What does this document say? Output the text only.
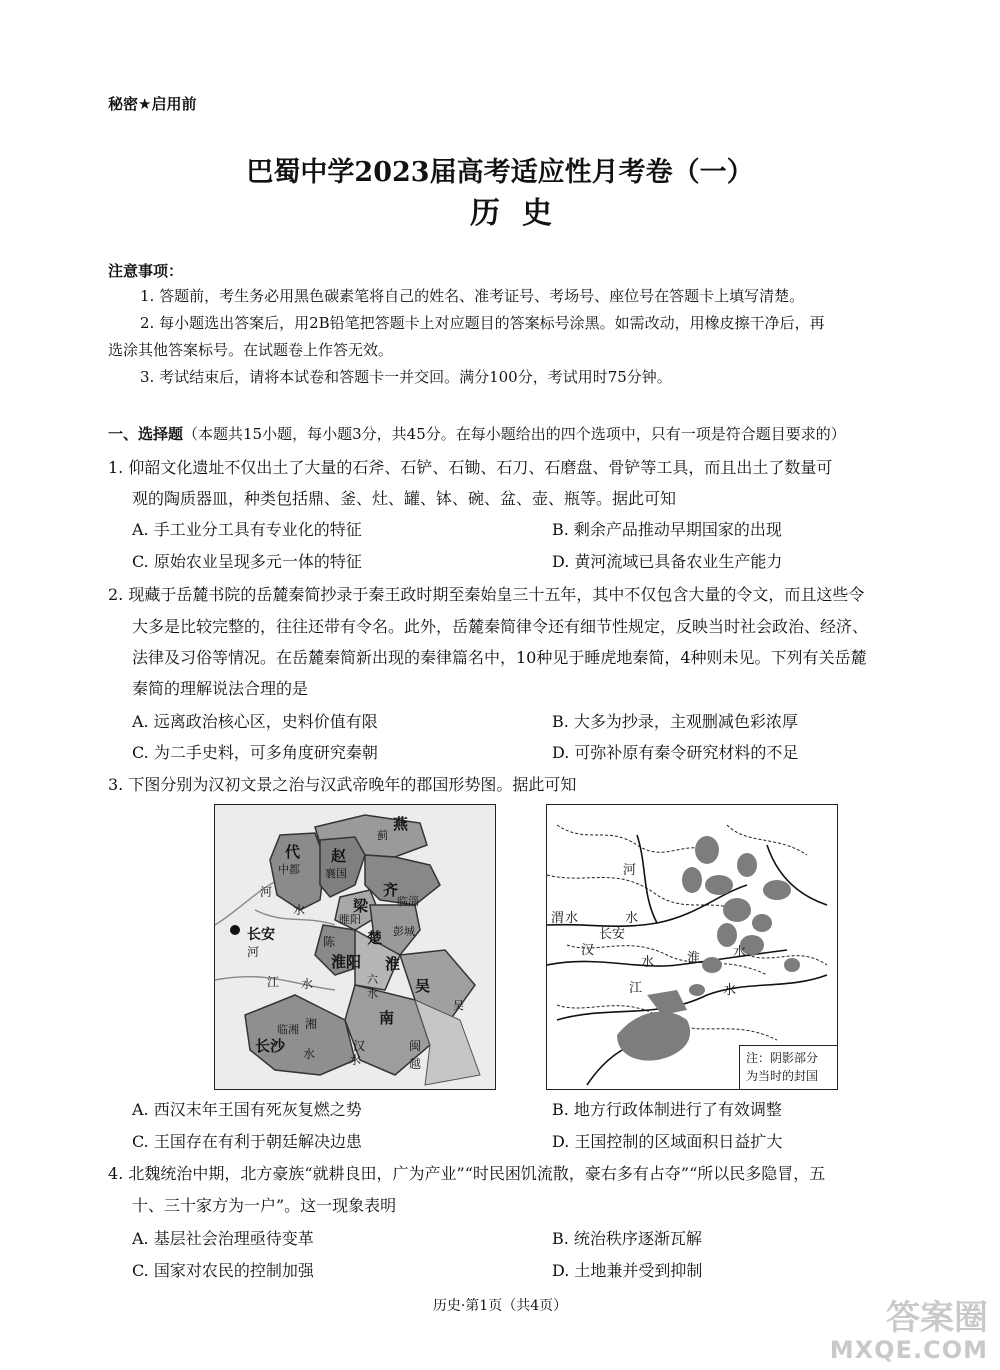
秘密★启用前
巴蜀中学2023届高考适应性月考卷（一）
历史
注意事项：
1. 答题前，考生务必用黑色碳素笔将自己的姓名、准考证号、考场号、座位号在答题卡上填写清楚。
2. 每小题选出答案后，用2B铅笔把答题卡上对应题目的答案标号涂黑。如需改动，用橡皮擦干净后，再
选涂其他答案标号。在试题卷上作答无效。
3. 考试结束后，请将本试卷和答题卡一并交回。满分100分，考试用时75分钟。
一、选择题（本题共15小题，每小题3分，共45分。在每小题给出的四个选项中，只有一项是符合题目要求的）
1. 仰韶文化遗址不仅出土了大量的石斧、石铲、石锄、石刀、石磨盘、骨铲等工具，而且出土了数量可
观的陶质器皿，种类包括鼎、釜、灶、罐、钵、碗、盆、壶、瓶等。据此可知
A. 手工业分工具有专业化的特征	B. 剩余产品推动早期国家的出现
C. 原始农业呈现多元一体的特征	D. 黄河流域已具备农业生产能力
2. 现藏于岳麓书院的岳麓秦简抄录于秦王政时期至秦始皇三十五年，其中不仅包含大量的令文，而且这些令
大多是比较完整的，往往还带有令名。此外，岳麓秦简律令还有细节性规定，反映当时社会政治、经济、
法律及习俗等情况。在岳麓秦简新出现的秦律篇名中，10种见于睡虎地秦简，4种则未见。下列有关岳麓
秦简的理解说法合理的是
A. 远离政治核心区，史料价值有限	B. 大多为抄录，主观删减色彩浓厚
C. 为二手史料，可多角度研究秦朝	D. 可弥补原有秦令研究材料的不足
3. 下图分别为汉初文景之治与汉武帝晚年的郡国形势图。据此可知
燕
蓟
代
中都
赵
襄国
齐
临淄
梁
睢阳
楚 彭城
长安	陈
淮阳 淮
六
水 吴
吴
南
河
水
河
江 水
湘
临湘
长沙 水
汉
水
闽
越
河
渭 水	水
长安
汉
水	淮	水
江	水
注：阴影部分
为当时的封国
A. 西汉末年王国有死灰复燃之势	B. 地方行政体制进行了有效调整
C. 王国存在有利于朝廷解决边患	D. 王国控制的区域面积日益扩大
4. 北魏统治中期，北方豪族“就耕良田，广为产业”“时民困饥流散，豪右多有占夺”“所以民多隐冒，五
十、三十家方为一户”。这一现象表明
A. 基层社会治理亟待变革	B. 统治秩序逐渐瓦解
C. 国家对农民的控制加强	D. 土地兼并受到抑制
历史·第1页（共4页）	答案圈
MXQE.COM
